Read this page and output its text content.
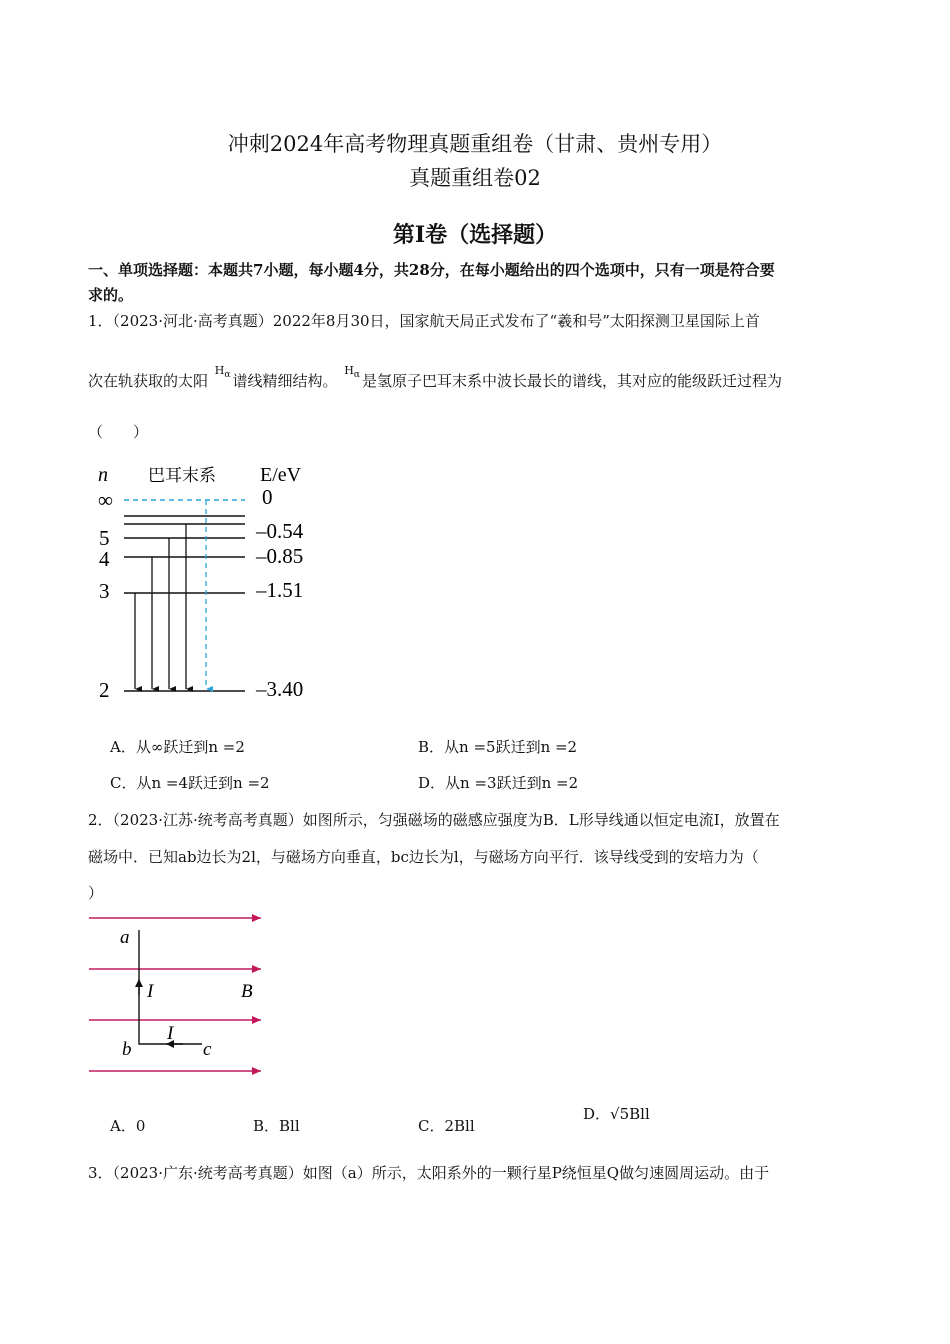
冲刺2024年高考物理真题重组卷（甘肃、贵州专用）
真题重组卷02
第I卷（选择题）
一、单项选择题：本题共7小题，每小题4分，共28分，在每小题给出的四个选项中，只有一项是符合要
求的。
1．（2023·河北·高考真题）2022年8月30日，国家航天局正式发布了“羲和号”太阳探测卫星国际上首
次在轨获取的太阳 $H_\alpha$ 谱线精细结构。 $H_\alpha$ 是氢原子巴耳末系中波长最长的谱线，其对应的能级跃迁过程为
（　　）
n 巴耳末系 E/eV
∞
5
4
3
2
0
–0.54
–0.85
–1.51
–3.40
A．从∞跃迁到n =2	B．从n =5跃迁到n =2
C．从n =4跃迁到n =2	D．从n =3跃迁到n =2
2．（2023·江苏·统考高考真题）如图所示，匀强磁场的磁感应强度为B．L形导线通以恒定电流I，放置在
磁场中．已知ab边长为2l，与磁场方向垂直，bc边长为l，与磁场方向平行．该导线受到的安培力为（
）
a
b	c
I
I
B
A．0	B．Bll	C．2Bll
D．√5Bll
3．（2023·广东·统考高考真题）如图（a）所示，太阳系外的一颗行星P绕恒星Q做匀速圆周运动。由于
